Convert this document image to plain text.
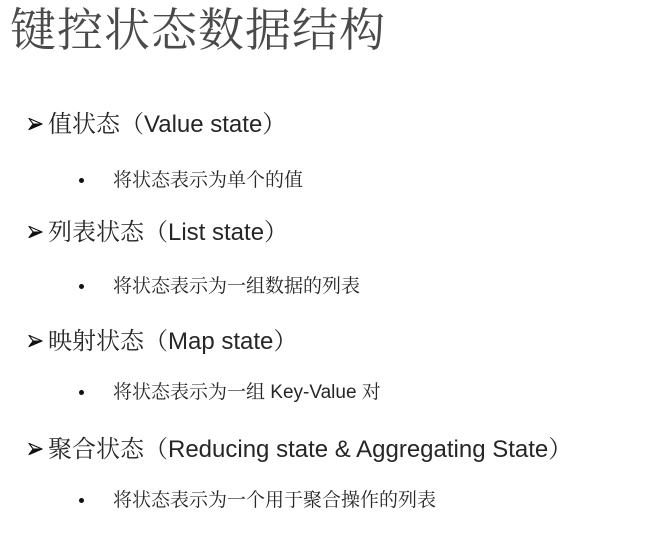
键控状态数据结构
值状态（Value state）
将状态表示为单个的值
列表状态（List state）
将状态表示为一组数据的列表
映射状态（Map state）
将状态表示为一组 Key-Value 对
聚合状态（Reducing state & Aggregating State）
将状态表示为一个用于聚合操作的列表
